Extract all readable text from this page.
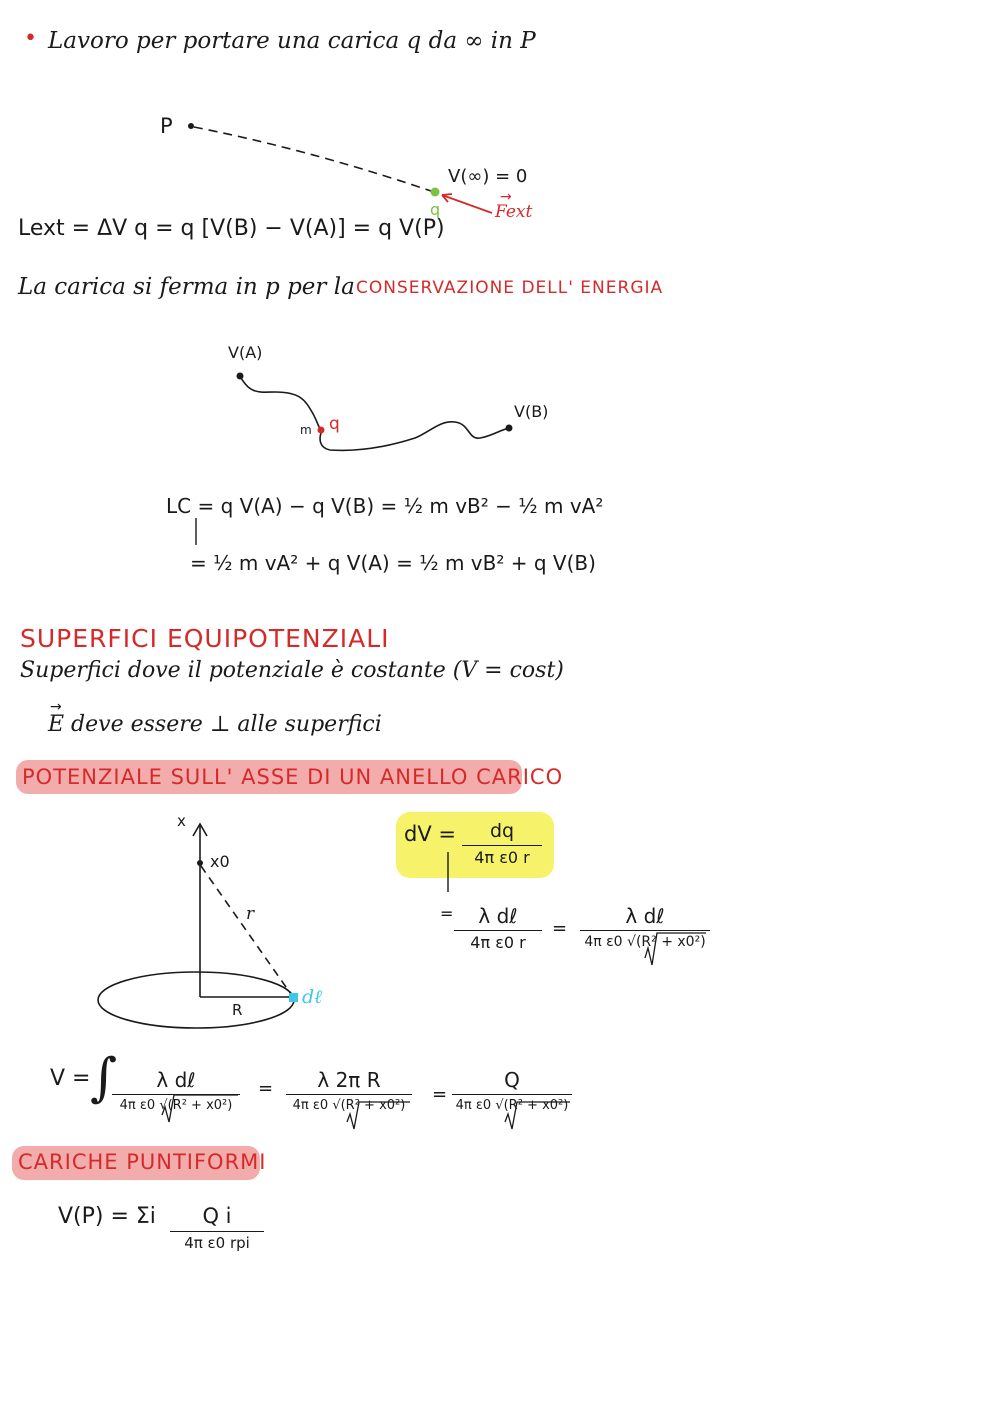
• Lavoro per portare una carica q da ∞ in P
P
V(∞) = 0
q
→
Fext
Lext = ΔV q = q [V(B) − V(A)] = q V(P)
La carica si ferma in p per la CONSERVAZIONE DELL' ENERGIA
V(A)
V(B)
m q
LC = q V(A) − q V(B) = ½ m vB² − ½ m vA²
= ½ m vA² + q V(A) = ½ m vB² + q V(B)
SUPERFICI EQUIPOTENZIALI
Superfici dove il potenziale è costante (V = cost)
→
E deve essere ⊥ alle superfici
POTENZIALE SULL' ASSE DI UN ANELLO CARICO
x
x0
r
R
dℓ
dV =	dq
4π ε0 r
=	λ dℓ
4π ε0 r
=
λ dℓ
4π ε0 √(R² + x0²)
V = ∫	λ dℓ
4π ε0 √(R² + x0²)
=	λ 2π R
4π ε0 √(R² + x0²)
=
Q
4π ε0 √(R² + x0²)
CARICHE PUNTIFORMI
V(P) = Σi	Q i
4π ε0 rpi
